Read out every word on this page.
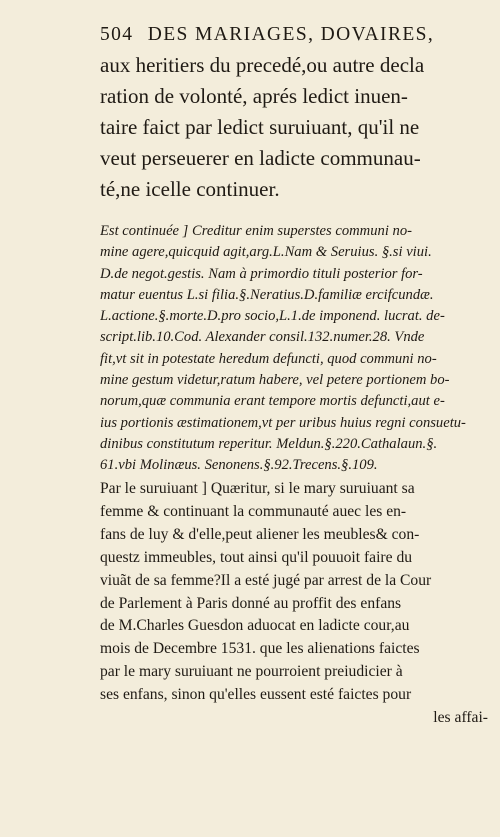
504 DES MARIAGES, DOVAIRES,
aux heritiers du precedé,ou autre decla
ration de volonté, aprés ledict inuen-
taire faict par ledict suruiuant, qu'il ne
veut perseuerer en ladicte communau-
té,ne icelle continuer.
Est continuée ] Creditur enim superstes communi no-
mine agere,quicquid agit,arg.L.Nam & Seruius. §.si viui.
D.de negot.gestis. Nam à primordio tituli posterior for-
matur euentus L.si filia.§.Neratius.D.familiæ ercifcundæ.
L.actione.§.morte.D.pro socio,L.1.de imponend. lucrat. de-
script.lib.10.Cod. Alexander consil.132.numer.28. Vnde
fit,vt sit in potestate heredum defuncti, quod communi no-
mine gestum videtur,ratum habere, vel petere portionem bo-
norum,quæ communia erant tempore mortis defuncti,aut e-
ius portionis æstimationem,vt per uribus huius regni consuetu-
dinibus constitutum reperitur. Meldun.§.220.Cathalaun.§.
61.vbi Molinæus. Senonens.§.92.Trecens.§.109.
Par le suruiuant ] Quæritur, si le mary suruiuant sa
femme & continuant la communauté auec les en-
fans de luy & d'elle,peut aliener les meubles& con-
questz immeubles, tout ainsi qu'il pouuoit faire du
viuãt de sa femme?Il a esté jugé par arrest de la Cour
de Parlement à Paris donné au proffit des enfans
de M.Charles Guesdon aduocat en ladicte cour,au
mois de Decembre 1531. que les alienations faictes
par le mary suruiuant ne pourroient preiudicier à
ses enfans, sinon qu'elles eussent esté faictes pour
les affai-
